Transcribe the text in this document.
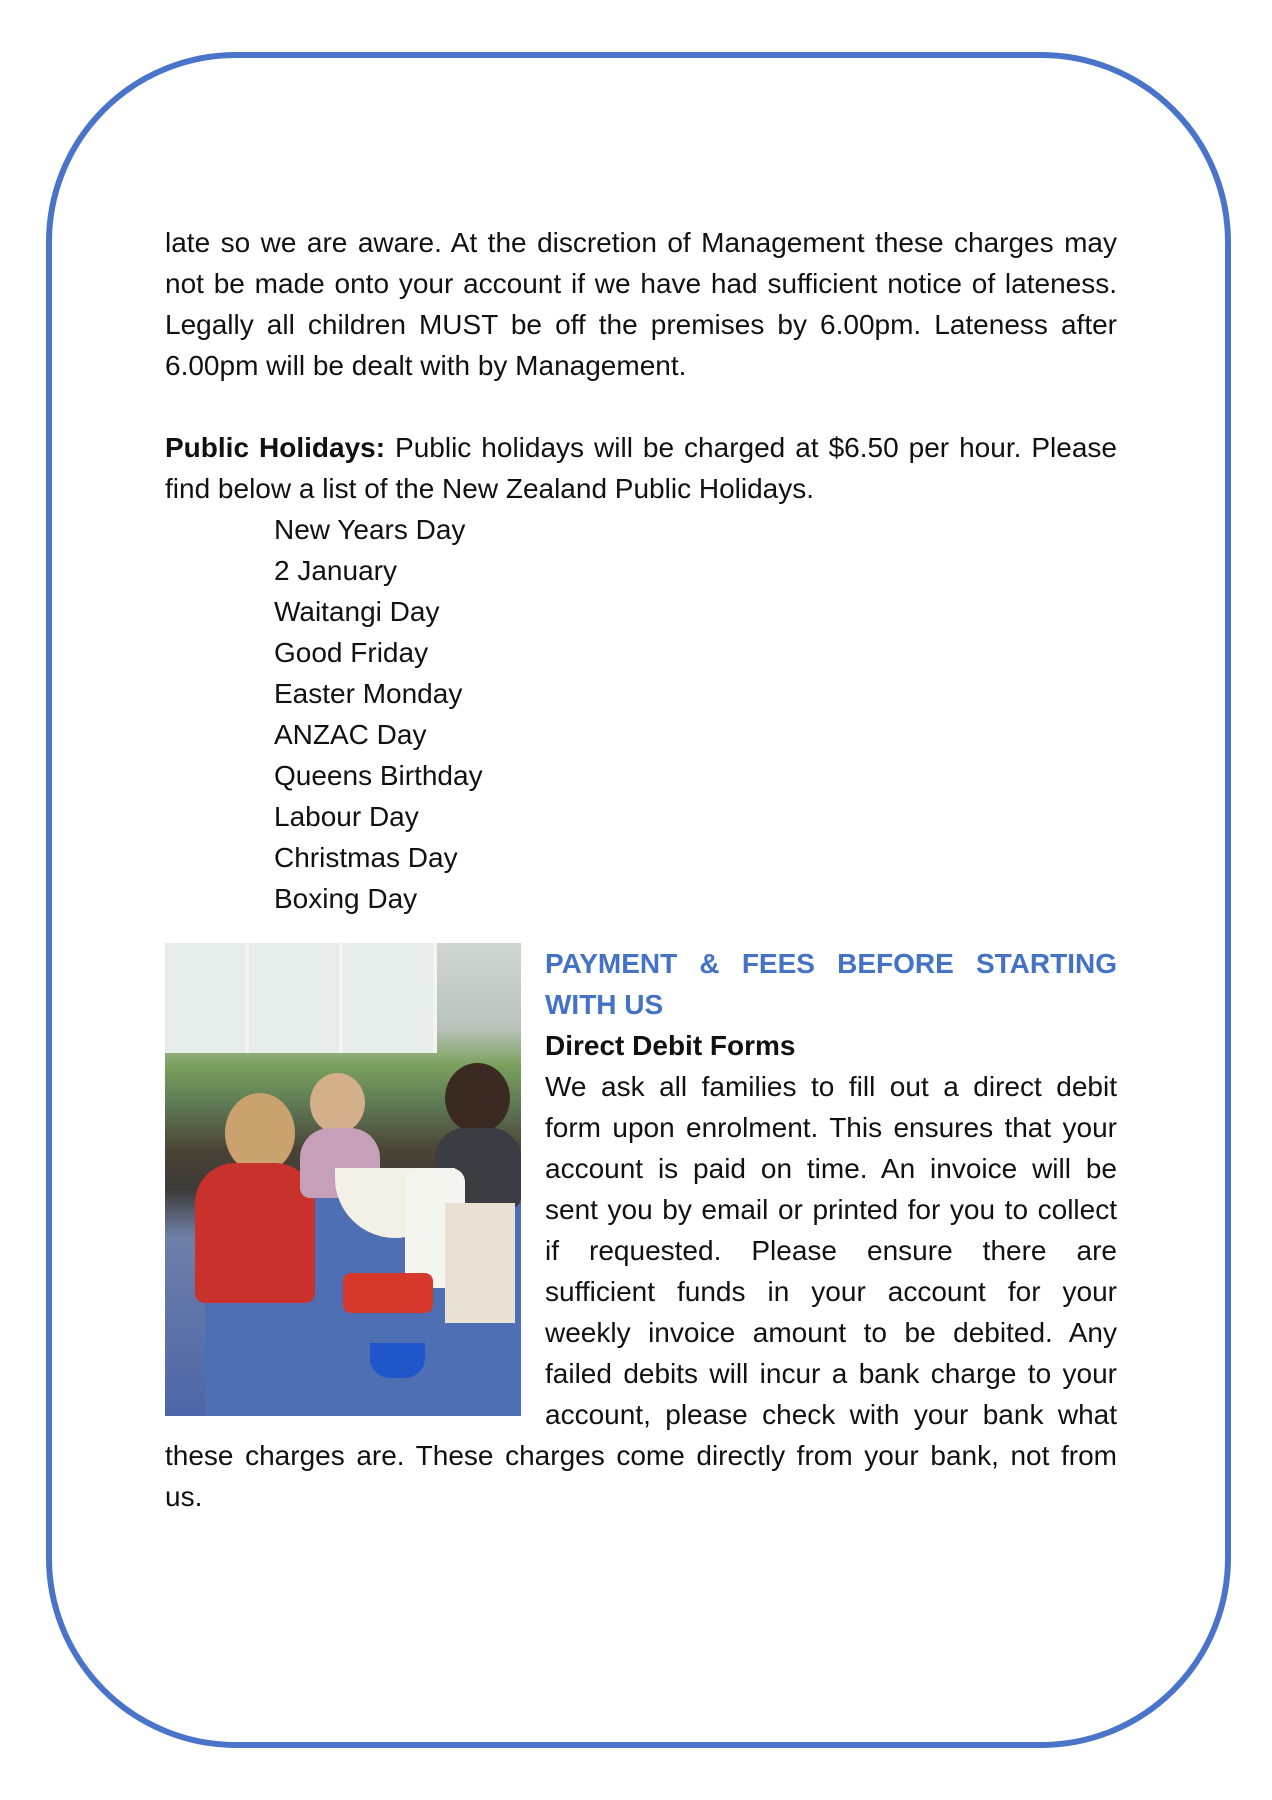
late so we are aware. At the discretion of Management these charges may not be made onto your account if we have had sufficient notice of lateness. Legally all children MUST be off the premises by 6.00pm. Lateness after 6.00pm will be dealt with by Management.

Public Holidays: Public holidays will be charged at $6.50 per hour. Please find below a list of the New Zealand Public Holidays.

New Years Day
2 January
Waitangi Day
Good Friday
Easter Monday
ANZAC Day
Queens Birthday
Labour Day
Christmas Day
Boxing Day
PAYMENT & FEES BEFORE STARTING WITH US
Direct Debit Forms

We ask all families to fill out a direct debit form upon enrolment. This ensures that your account is paid on time. An invoice will be sent you by email or printed for you to collect if requested. Please ensure there are sufficient funds in your account for your weekly invoice amount to be debited. Any failed debits will incur a bank charge to your account, please check with your bank what these charges are. These charges come directly from your bank, not from us.
